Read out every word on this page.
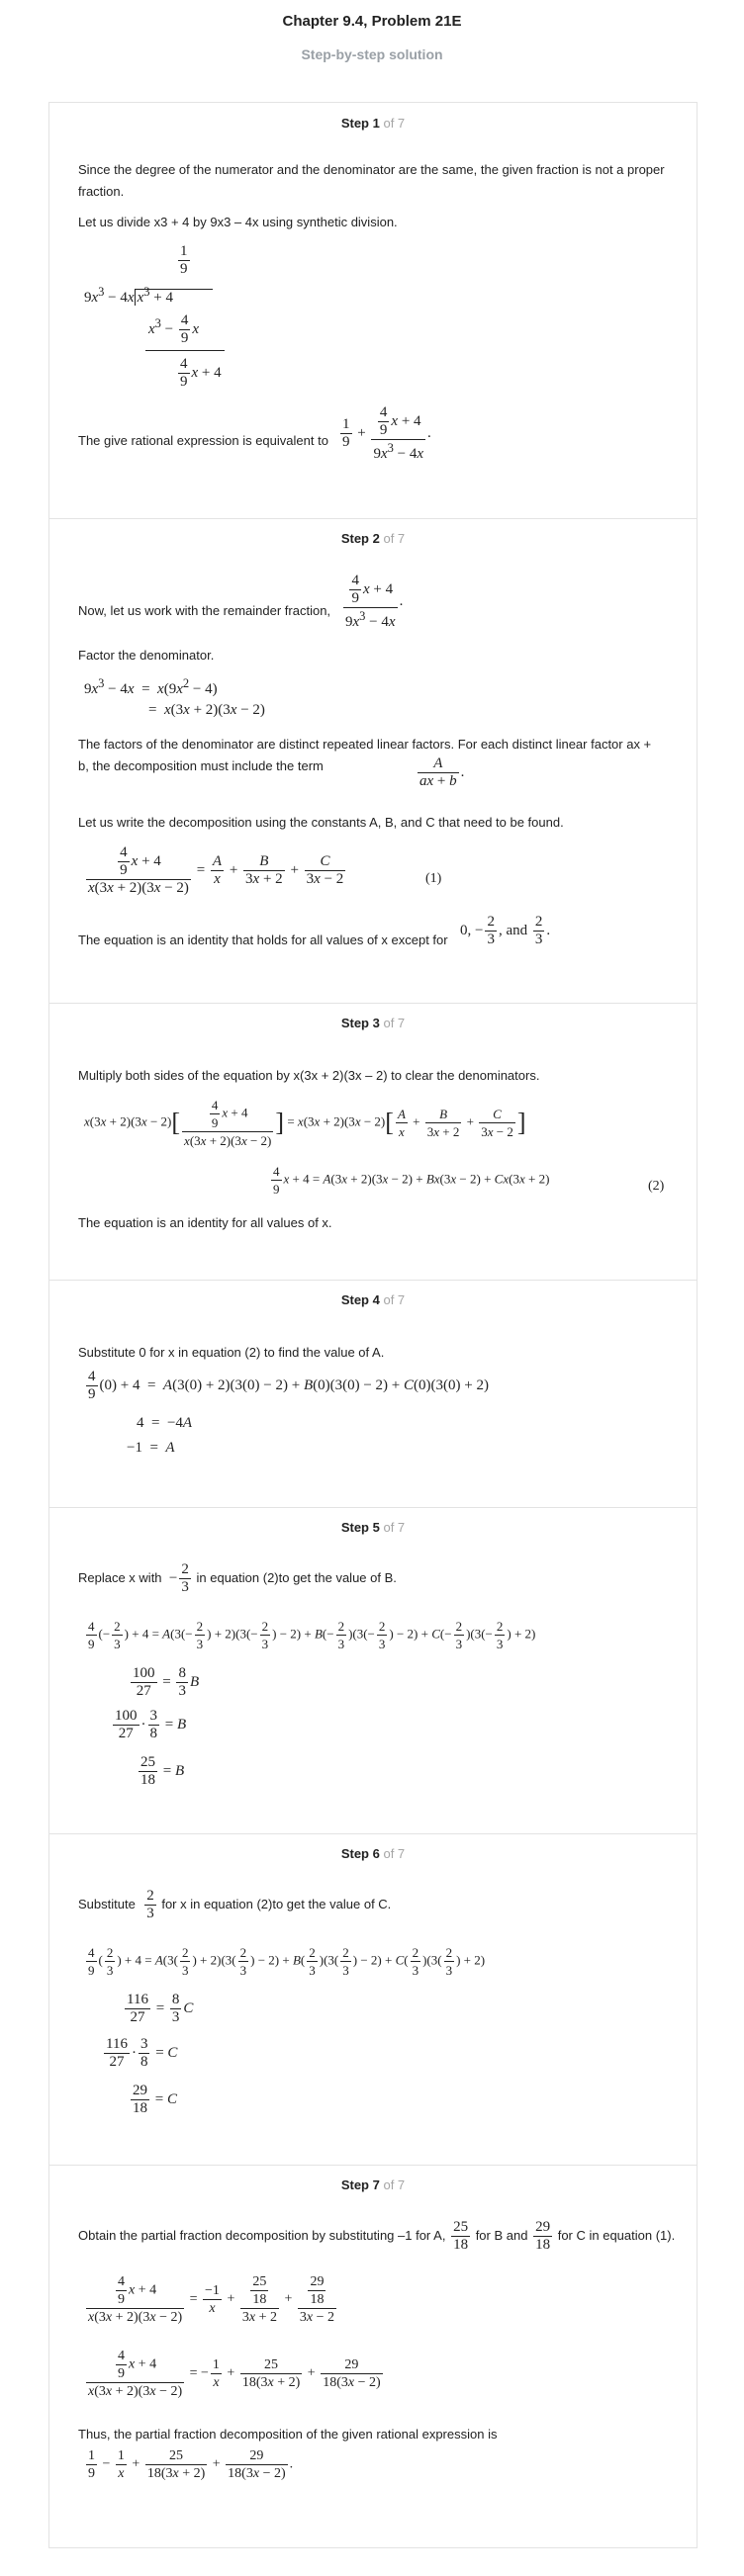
Chapter 9.4, Problem 21E
Step-by-step solution
Step 1 of 7
Since the degree of the numerator and the denominator are the same, the given fraction is not a proper fraction.
Let us divide x3 + 4 by 9x3 – 4x using synthetic division.
$\frac{1}{9}$
$9x^3 - 4x$ $x^3 + 4$
$x^3 - \frac{4}{9}$ x
$\frac{4}{9}$ x + 4
The give rational expression is equivalent to $\frac{1}{9} + \frac{\frac{4}{9} x + 4}{9x^3 - 4x}$ .
Step 2 of 7
Now, let us work with the remainder fraction, $\frac{\frac{4}{9} x + 4}{9x^3 - 4x}$ .
Factor the denominator.
$9x^3 - 4x = x(9x^2 - 4)$
=  x(3x + 2)(3x − 2)
The factors of the denominator are distinct repeated linear factors. For each distinct linear factor ax + b, the decomposition must include the term	$\frac{A}{ax + b}$ .
Let us write the decomposition using the constants A, B, and C that need to be found.
$\frac{\frac{4}{9} x + 4}{x(3x + 2)(3x - 2)} = \frac{A}{x} + \frac{B}{3x + 2} + \frac{C}{3x - 2}$	(1)
The equation is an identity that holds for all values of x except for
0, − $\frac{2}{3}$ , and $\frac{2}{3}$ .
Step 3 of 7
Multiply both sides of the equation by x(3x + 2)(3x – 2) to clear the denominators.
$x(3x + 2)(3x - 2)[ \frac{\frac{4}{9} x + 4}{x(3x + 2)(3x - 2)}$ ] = $x(3x + 2)(3x - 2)[ \frac{A}{x} + \frac{B}{3x + 2} + \frac{C}{3x - 2}$ ]
$\frac{4}{9}$ x + 4 = A(3x + 2)(3x − 2) + Bx(3x − 2) + Cx(3x + 2)
(2)
The equation is an identity for all values of x.
Step 4 of 7
Substitute 0 for x in equation (2) to find the value of A.
$\frac{4}{9} (0) + 4 = A(3(0) + 2)(3(0) - 2) + B(0)(3(0) - 2) + C(0)(3(0) + 2)$
4  =  −4A
−1  =  A
Step 5 of 7
Replace x with  − $\frac{2}{3}$ in equation (2)to get the value of B.
$\frac{4}{9}$ (− $\frac{2}{3}$ ) + $4 = A(3(- \frac{2}{3}$ ) + $2)(3(- \frac{2}{3}$ ) − $2) + B(- \frac{2}{3} )(3(- \frac{2}{3}$ ) − $2) + C(- \frac{2}{3} )(3(- \frac{2}{3}$ ) + 2)
$\frac{100}{27} = \frac{8}{3}$ B
$\frac{100}{27} \cdot \frac{3}{8} = B$
$\frac{25}{18} = B$
Step 6 of 7
Substitute $\frac{2}{3}$ for x in equation (2)to get the value of C.
$\frac{4}{9}$ ( $\frac{2}{3}$ ) + $4 = A(3( \frac{2}{3}$ ) + $2)(3( \frac{2}{3}$ ) − $2) + B( \frac{2}{3} )(3( \frac{2}{3}$ ) − $2) + C( \frac{2}{3} )(3( \frac{2}{3}$ ) + 2)
$\frac{116}{27} = \frac{8}{3}$ C
$\frac{116}{27} \cdot \frac{3}{8} = C$
$\frac{29}{18} = C$
Step 7 of 7
Obtain the partial fraction decomposition by substituting –1 for A, $\frac{25}{18}$ for B and $\frac{29}{18}$ for C in equation (1).
$\frac{\frac{4}{9} x + 4}{x(3x + 2)(3x - 2)} = \frac{-1}{x} + \frac{\frac{25}{18}}{3x + 2} + \frac{\frac{29}{18}}{3x - 2}$
$\frac{\frac{4}{9} x + 4}{x(3x + 2)(3x - 2)}$ = − $\frac{1}{x} + \frac{25}{18(3x + 2)} + \frac{29}{18(3x - 2)}$
Thus, the partial fraction decomposition of the given rational expression is
$\frac{1}{9} - \frac{1}{x} + \frac{25}{18(3x + 2)} + \frac{29}{18(3x - 2)}$ .
